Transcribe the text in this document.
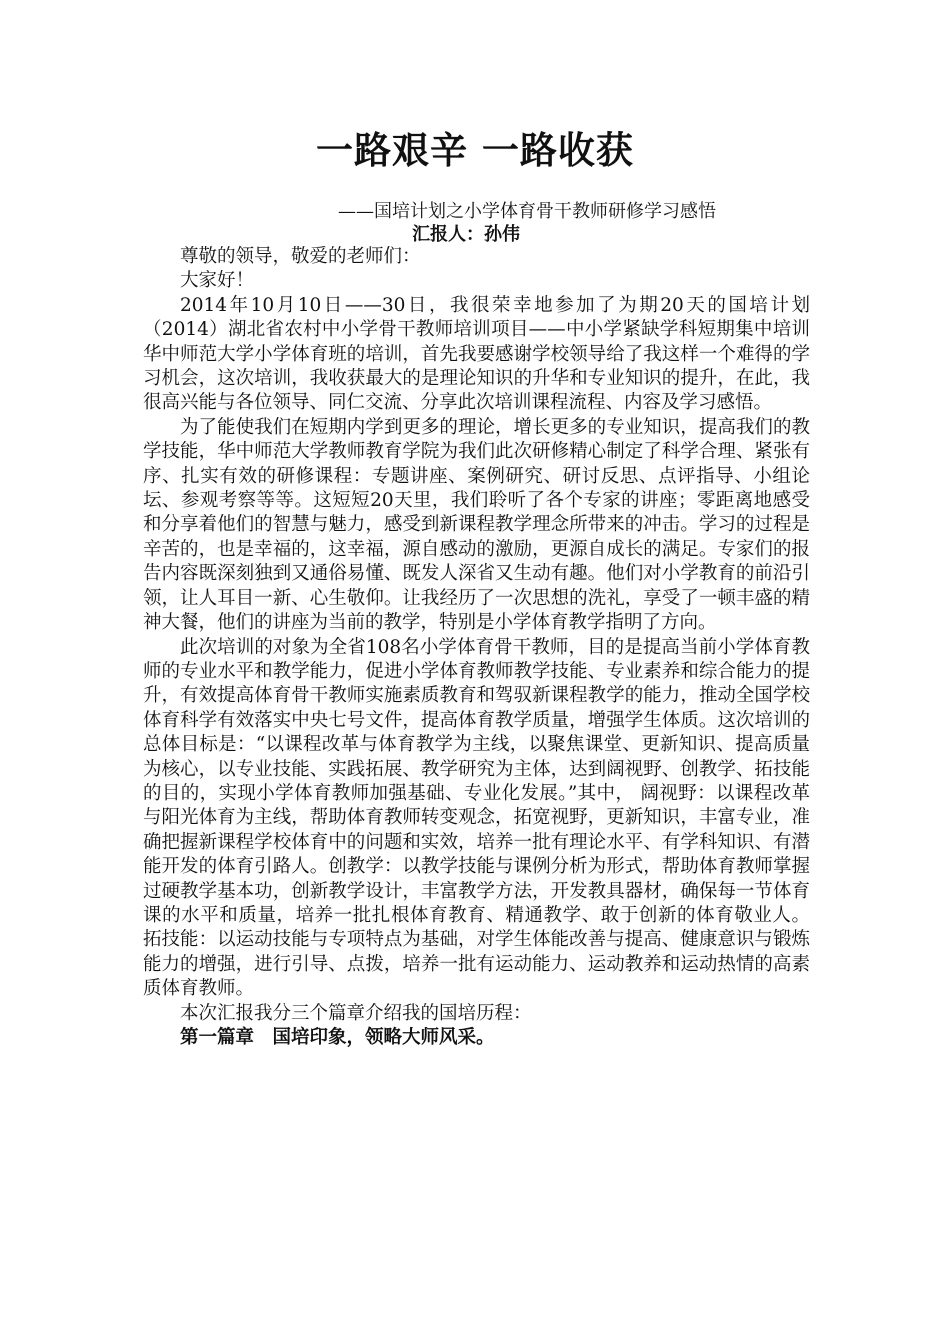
一路艰辛 一路收获

——国培计划之小学体育骨干教师研修学习感悟

汇报人：孙伟

尊敬的领导，敬爱的老师们：

大家好！

2014年10月10日——30日，我很荣幸地参加了为期20天的国培计划（2014）湖北省农村中小学骨干教师培训项目——中小学紧缺学科短期集中培训华中师范大学小学体育班的培训，首先我要感谢学校领导给了我这样一个难得的学习机会，这次培训，我收获最大的是理论知识的升华和专业知识的提升，在此，我很高兴能与各位领导、同仁交流、分享此次培训课程流程、内容及学习感悟。

为了能使我们在短期内学到更多的理论，增长更多的专业知识，提高我们的教学技能，华中师范大学教师教育学院为我们此次研修精心制定了科学合理、紧张有序、扎实有效的研修课程：专题讲座、案例研究、研讨反思、点评指导、小组论坛、参观考察等等。这短短20天里，我们聆听了各个专家的讲座；零距离地感受和分享着他们的智慧与魅力，感受到新课程教学理念所带来的冲击。学习的过程是辛苦的，也是幸福的，这幸福，源自感动的激励，更源自成长的满足。专家们的报告内容既深刻独到又通俗易懂、既发人深省又生动有趣。他们对小学教育的前沿引领，让人耳目一新、心生敬仰。让我经历了一次思想的洗礼，享受了一顿丰盛的精神大餐，他们的讲座为当前的教学，特别是小学体育教学指明了方向。

此次培训的对象为全省108名小学体育骨干教师，目的是提高当前小学体育教师的专业水平和教学能力，促进小学体育教师教学技能、专业素养和综合能力的提升，有效提高体育骨干教师实施素质教育和驾驭新课程教学的能力，推动全国学校体育科学有效落实中央七号文件，提高体育教学质量，增强学生体质。这次培训的总体目标是：“以课程改革与体育教学为主线，以聚焦课堂、更新知识、提高质量为核心，以专业技能、实践拓展、教学研究为主体，达到阔视野、创教学、拓技能的目的，实现小学体育教师加强基础、专业化发展。”其中， 阔视野：以课程改革与阳光体育为主线，帮助体育教师转变观念，拓宽视野，更新知识，丰富专业，准确把握新课程学校体育中的问题和实效，培养一批有理论水平、有学科知识、有潜能开发的体育引路人。创教学：以教学技能与课例分析为形式，帮助体育教师掌握过硬教学基本功，创新教学设计，丰富教学方法，开发教具器材，确保每一节体育课的水平和质量，培养一批扎根体育教育、精通教学、敢于创新的体育敬业人。 拓技能：以运动技能与专项特点为基础，对学生体能改善与提高、健康意识与锻炼能力的增强，进行引导、点拨，培养一批有运动能力、运动教养和运动热情的高素质体育教师。

本次汇报我分三个篇章介绍我的国培历程：

第一篇章　国培印象，领略大师风采。
